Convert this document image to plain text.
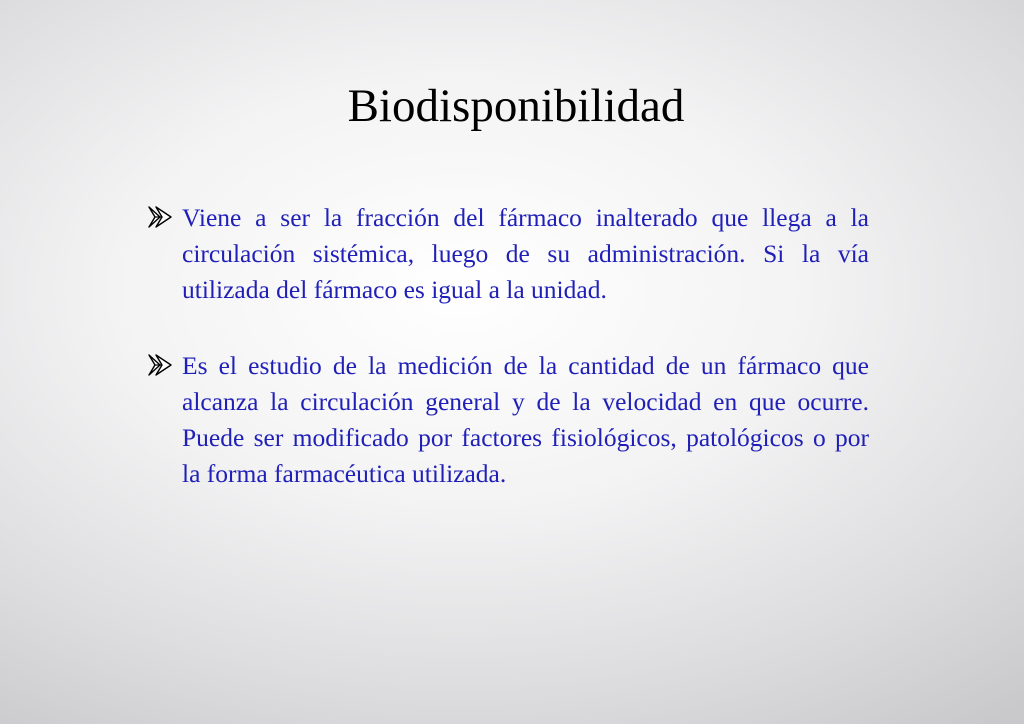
Biodisponibilidad
Viene a ser la fracción del fármaco inalterado que llega a la circulación sistémica, luego de su administración. Si la vía utilizada del fármaco es igual a la unidad.
Es el estudio de la medición de la cantidad de un fármaco que alcanza la circulación general y de la velocidad en que ocurre. Puede ser modificado por factores fisiológicos, patológicos o por la forma farmacéutica utilizada.
